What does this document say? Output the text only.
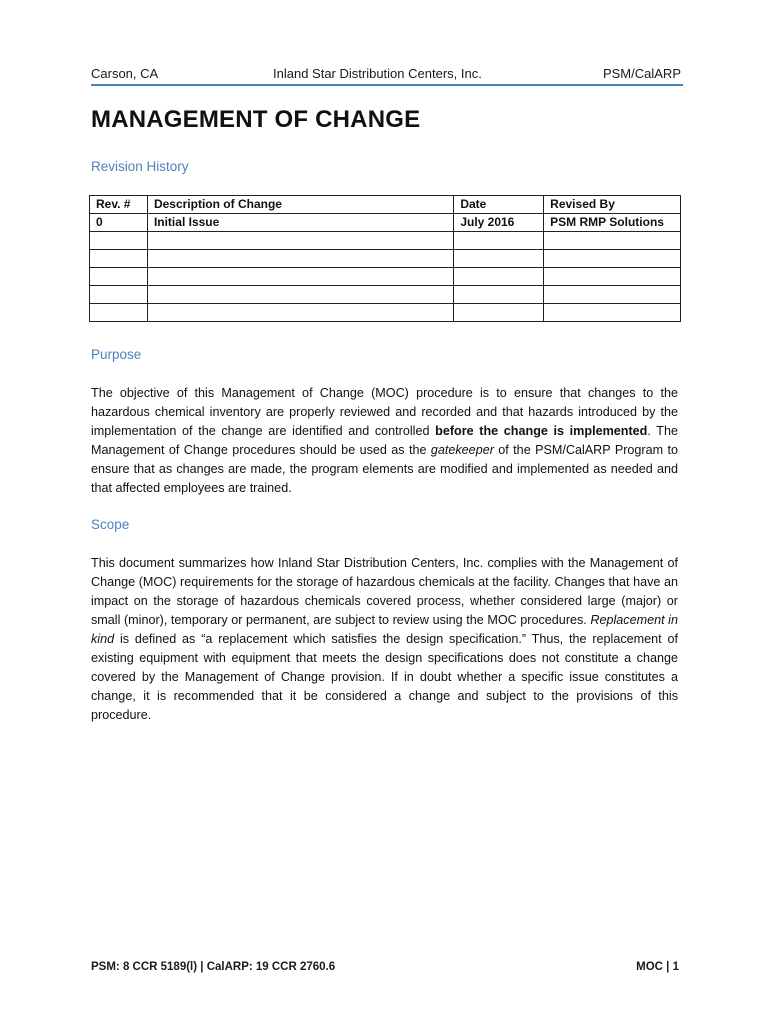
Carson, CA	Inland Star Distribution Centers, Inc.	PSM/CalARP
MANAGEMENT OF CHANGE
Revision History
Rev. #	Description of Change	Date	Revised By
0	Initial Issue	July 2016	PSM RMP Solutions

Purpose
The objective of this Management of Change (MOC) procedure is to ensure that changes to the hazardous chemical inventory are properly reviewed and recorded and that hazards introduced by the implementation of the change are identified and controlled before the change is implemented. The Management of Change procedures should be used as the gatekeeper of the PSM/CalARP Program to ensure that as changes are made, the program elements are modified and implemented as needed and that affected employees are trained.
Scope
This document summarizes how Inland Star Distribution Centers, Inc. complies with the Management of Change (MOC) requirements for the storage of hazardous chemicals at the facility. Changes that have an impact on the storage of hazardous chemicals covered process, whether considered large (major) or small (minor), temporary or permanent, are subject to review using the MOC procedures. Replacement in kind is defined as “a replacement which satisfies the design specification.” Thus, the replacement of existing equipment with equipment that meets the design specifications does not constitute a change covered by the Management of Change provision. If in doubt whether a specific issue constitutes a change, it is recommended that it be considered a change and subject to the provisions of this procedure.
PSM: 8 CCR 5189(l) | CalARP: 19 CCR 2760.6	MOC | 1
